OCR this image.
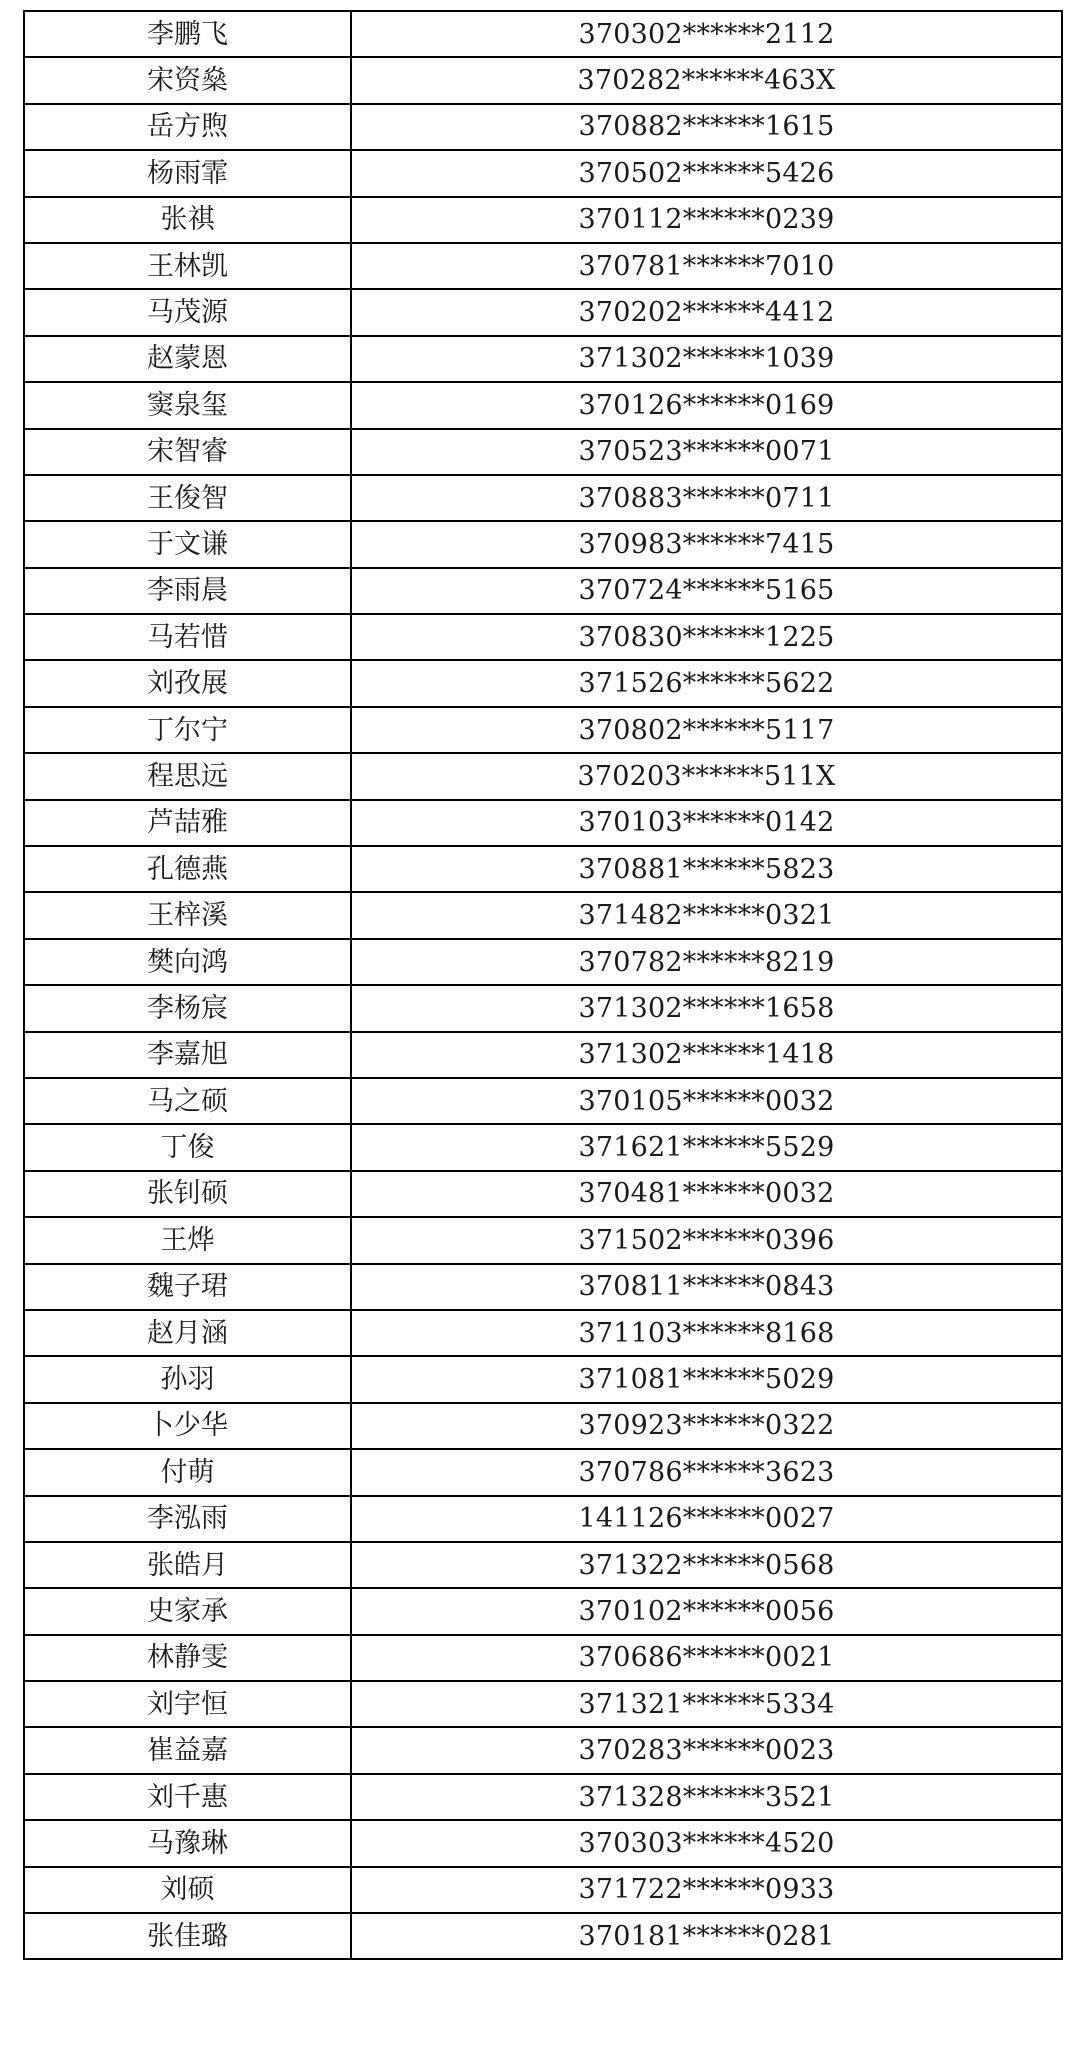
李鹏飞	370302******2112
宋资燊	370282******463X
岳方煦	370882******1615
杨雨霏	370502******5426
张祺	370112******0239
王林凯	370781******7010
马茂源	370202******4412
赵蒙恩	371302******1039
窦泉玺	370126******0169
宋智睿	370523******0071
王俊智	370883******0711
于文谦	370983******7415
李雨晨	370724******5165
马若惜	370830******1225
刘孜展	371526******5622
丁尔宁	370802******5117
程思远	370203******511X
芦喆雅	370103******0142
孔德燕	370881******5823
王梓溪	371482******0321
樊向鸿	370782******8219
李杨宸	371302******1658
李嘉旭	371302******1418
马之硕	370105******0032
丁俊	371621******5529
张钊硕	370481******0032
王烨	371502******0396
魏子珺	370811******0843
赵月涵	371103******8168
孙羽	371081******5029
卜少华	370923******0322
付萌	370786******3623
李泓雨	141126******0027
张皓月	371322******0568
史家承	370102******0056
林静雯	370686******0021
刘宇恒	371321******5334
崔益嘉	370283******0023
刘千惠	371328******3521
马豫琳	370303******4520
刘硕	371722******0933
张佳璐	370181******0281
